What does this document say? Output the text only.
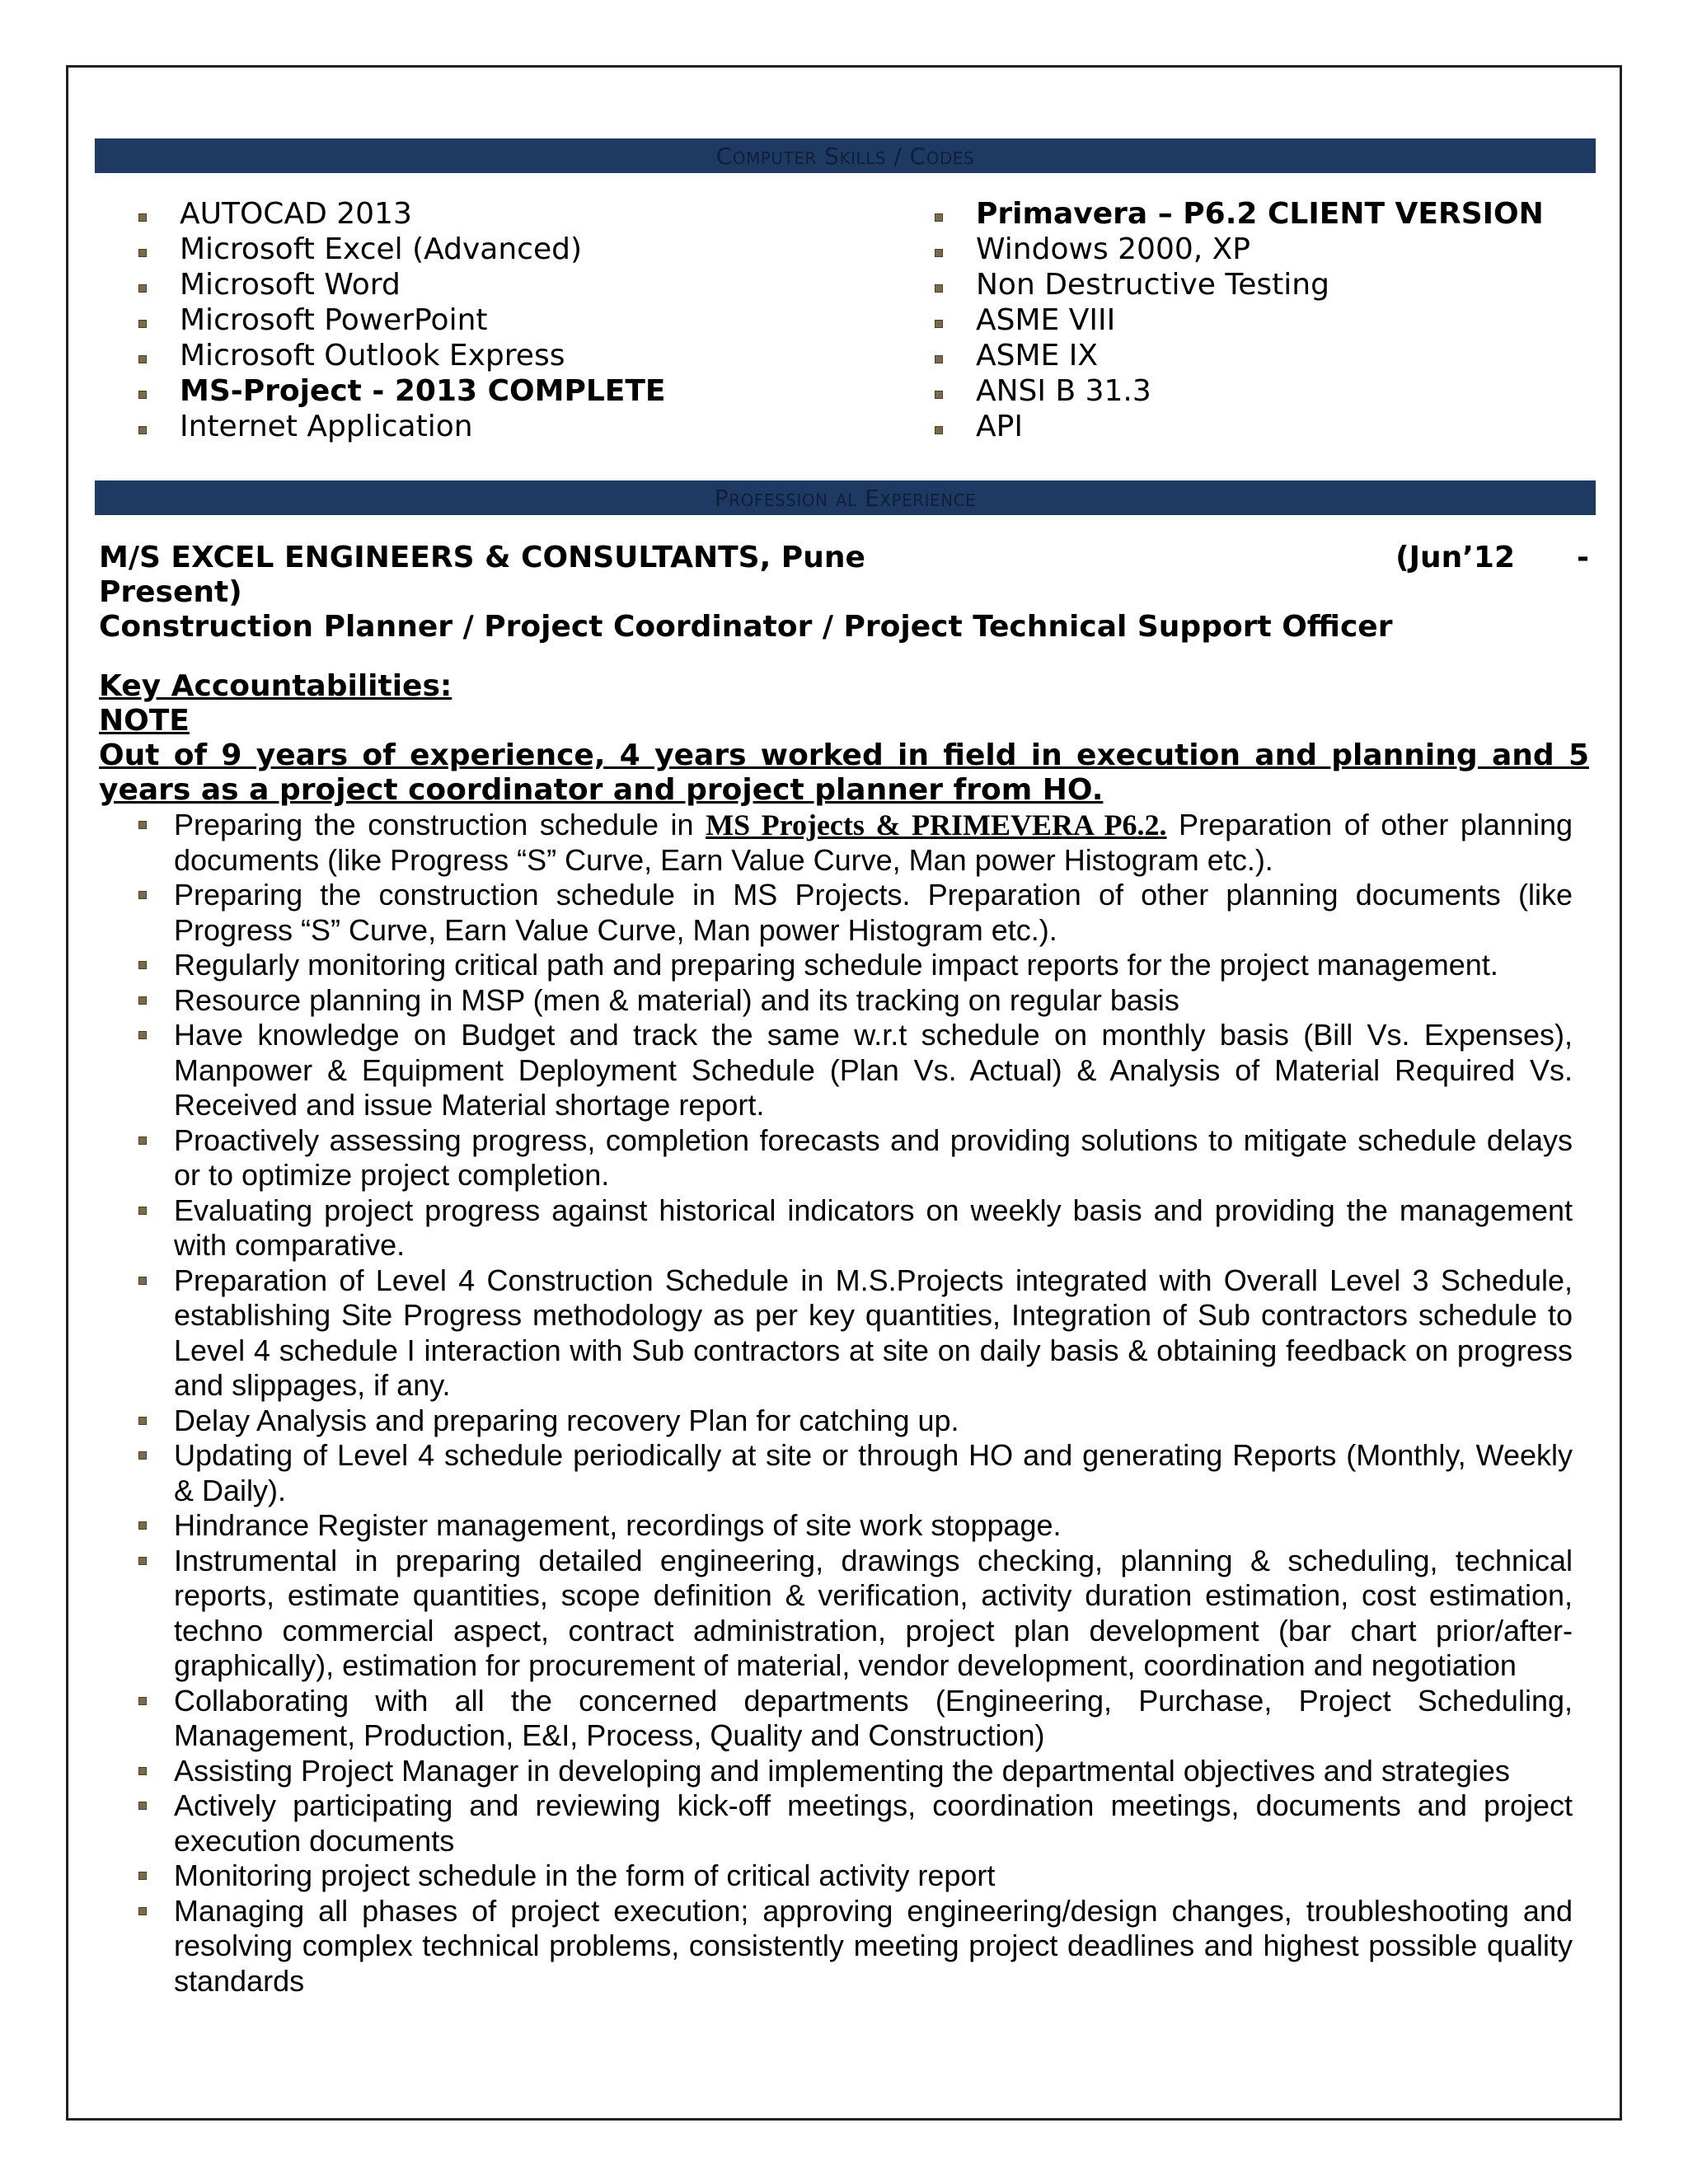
Computer Skills / Codes
AUTOCAD 2013
Microsoft Excel (Advanced)
Microsoft Word
Microsoft PowerPoint
Microsoft Outlook Express
MS-Project - 2013 COMPLETE
Internet Application
Primavera – P6.2 CLIENT VERSION
Windows 2000, XP
Non Destructive Testing
ASME VIII
ASME IX
ANSI B 31.3
API
Profession al Experience
M/S EXCEL ENGINEERS & CONSULTANTS, Pune	(Jun’12 -
Present)
Construction Planner / Project Coordinator / Project Technical Support Officer
Key Accountabilities:
NOTE
Out of 9 years of experience, 4 years worked in field in execution and planning and 5 years as a project coordinator and project planner from HO.
Preparing the construction schedule in MS Projects & PRIMEVERA P6.2. Preparation of other planning documents (like Progress “S” Curve, Earn Value Curve, Man power Histogram etc.).
Preparing the construction schedule in MS Projects. Preparation of other planning documents (like Progress “S” Curve, Earn Value Curve, Man power Histogram etc.).
Regularly monitoring critical path and preparing schedule impact reports for the project management.
Resource planning in MSP (men & material) and its tracking on regular basis
Have knowledge on Budget and track the same w.r.t schedule on monthly basis (Bill Vs. Expenses), Manpower & Equipment Deployment Schedule (Plan Vs. Actual) & Analysis of Material Required Vs. Received and issue Material shortage report.
Proactively assessing progress, completion forecasts and providing solutions to mitigate schedule delays or to optimize project completion.
Evaluating project progress against historical indicators on weekly basis and providing the management with comparative.
Preparation of Level 4 Construction Schedule in M.S.Projects integrated with Overall Level 3 Schedule, establishing Site Progress methodology as per key quantities, Integration of Sub contractors schedule to Level 4 schedule I interaction with Sub contractors at site on daily basis & obtaining feedback on progress and slippages, if any.
Delay Analysis and preparing recovery Plan for catching up.
Updating of Level 4 schedule periodically at site or through HO and generating Reports (Monthly, Weekly & Daily).
Hindrance Register management, recordings of site work stoppage.
Instrumental in preparing detailed engineering, drawings checking, planning & scheduling, technical reports, estimate quantities, scope definition & verification, activity duration estimation, cost estimation, techno commercial aspect, contract administration, project plan development (bar chart prior/after-graphically), estimation for procurement of material, vendor development, coordination and negotiation
Collaborating with all the concerned departments (Engineering, Purchase, Project Scheduling, Management, Production, E&I, Process, Quality and Construction)
Assisting Project Manager in developing and implementing the departmental objectives and strategies
Actively participating and reviewing kick-off meetings, coordination meetings, documents and project execution documents
Monitoring project schedule in the form of critical activity report
Managing all phases of project execution; approving engineering/design changes, troubleshooting and resolving complex technical problems, consistently meeting project deadlines and highest possible quality standards
